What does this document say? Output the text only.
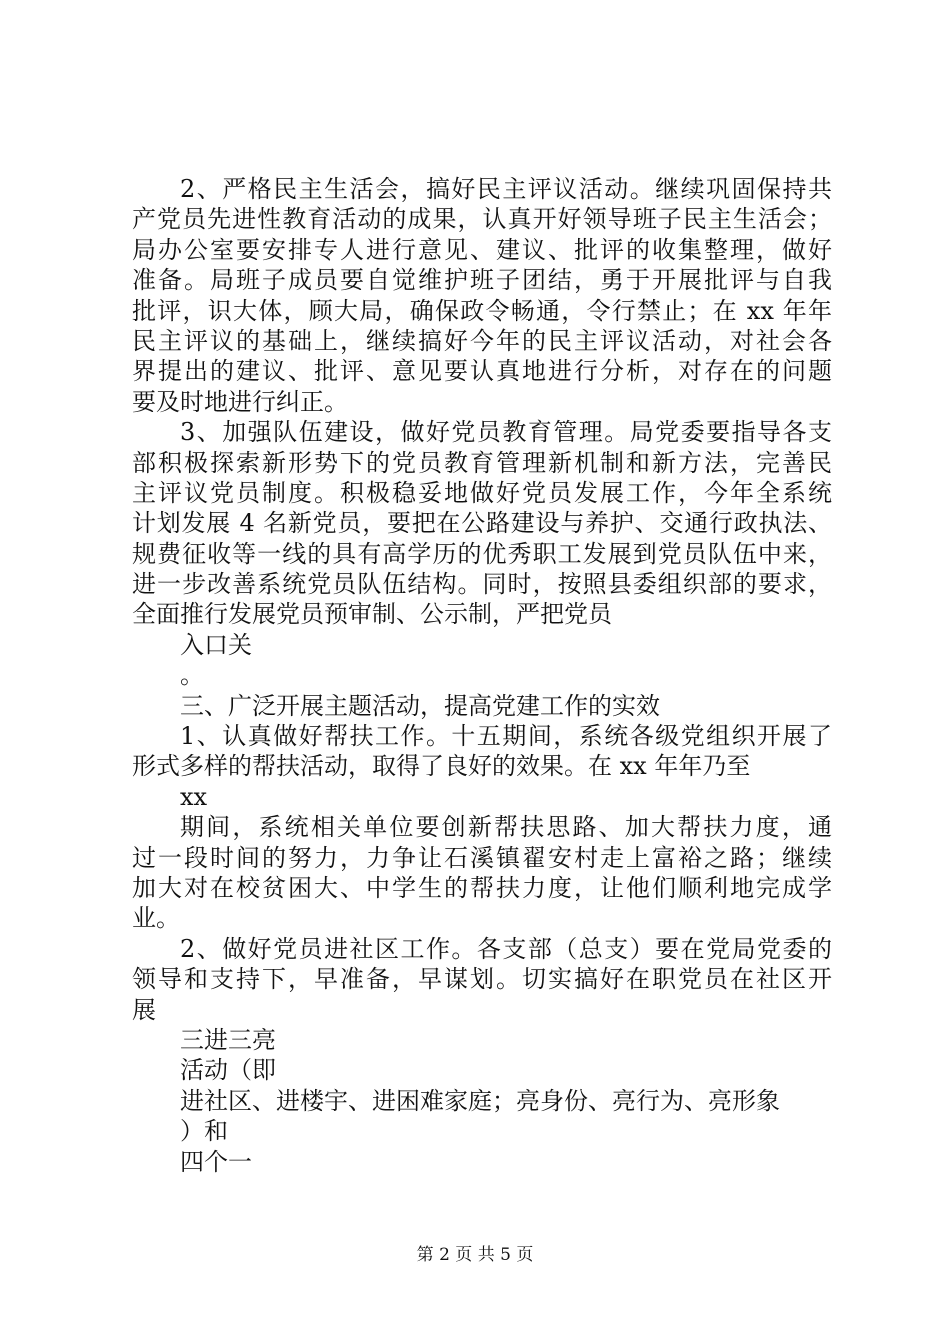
2、严格民主生活会，搞好民主评议活动。继续巩固保持共
产党员先进性教育活动的成果，认真开好领导班子民主生活会；
局办公室要安排专人进行意见、建议、批评的收集整理，做好
准备。局班子成员要自觉维护班子团结，勇于开展批评与自我
批评，识大体，顾大局，确保政令畅通，令行禁止；在 xx 年年
民主评议的基础上，继续搞好今年的民主评议活动，对社会各
界提出的建议、批评、意见要认真地进行分析，对存在的问题
要及时地进行纠正。
3、加强队伍建设，做好党员教育管理。局党委要指导各支
部积极探索新形势下的党员教育管理新机制和新方法，完善民
主评议党员制度。积极稳妥地做好党员发展工作，今年全系统
计划发展 4 名新党员，要把在公路建设与养护、交通行政执法、
规费征收等一线的具有高学历的优秀职工发展到党员队伍中来，
进一步改善系统党员队伍结构。同时，按照县委组织部的要求，
全面推行发展党员预审制、公示制，严把党员
入口关
。
三、广泛开展主题活动，提高党建工作的实效
1、认真做好帮扶工作。十五期间，系统各级党组织开展了
形式多样的帮扶活动，取得了良好的效果。在 xx 年年乃至
xx
期间，系统相关单位要创新帮扶思路、加大帮扶力度，通
过一段时间的努力，力争让石溪镇翟安村走上富裕之路；继续
加大对在校贫困大、中学生的帮扶力度，让他们顺利地完成学
业。
2、做好党员进社区工作。各支部（总支）要在党局党委的
领导和支持下，早准备，早谋划。切实搞好在职党员在社区开
展
三进三亮
活动（即
进社区、进楼宇、进困难家庭；亮身份、亮行为、亮形象
）和
四个一
第 2 页 共 5 页
